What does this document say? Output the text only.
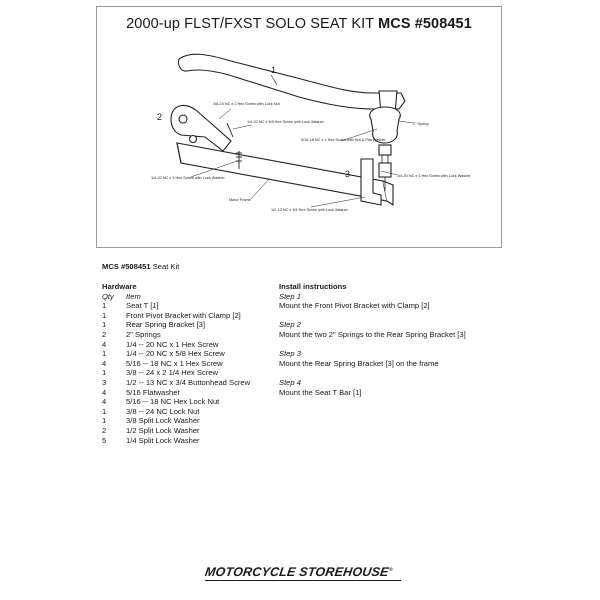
2000-up FLST/FXST SOLO SEAT KIT MCS #508451
1
2
3
3/8-24 NC x 2 Hex Screw with Lock Nut
1/4-20 NC x 5/8 Hex Screw with Lock Washer
1/4-20 NC x 1 Hex Screw with Lock Washer
5/16-18 NC x 1 Hex Screw with Nut & Flat Washer
2" Spring
3/4-20 NC x 1 Hex Screw with Lock Washer
1/2-13 NC x 3/4 Hex Screw with Lock Washer
Motor Frame
MCS #508451 Seat Kit
Hardware
Qty	Item
1	Seat T [1]
1	Front Pivot Bracket with Clamp [2]
1	Rear Spring Bracket [3]
2	2" Springs
4	1/4 -- 20 NC x 1 Hex Screw
1	1/4 -- 20 NC x 5/8 Hex Screw
4	5/16 -- 18 NC x 1 Hex Screw
1	3/8 -- 24 x 2 1/4 Hex Screw
3	1/2 -- 13 NC x 3/4 Buttonhead Screw
4	5/16 Flatwasher
4	5/16 -- 18 NC Hex Lock Nut
1	3/8 -- 24 NC Lock Nut
1	3/8 Split Lock Washer
2	1/2 Split Lock Washer
5	1/4 Split Lock Washer
Install instructions
Step 1
Mount the Front Pivot Bracket with Clamp [2]
Step 2
Mount the two 2" Springs to the Rear Spring Bracket [3]
Step 3
Mount the Rear Spring Bracket [3] on the frame
Step 4
Mount the Seat T Bar [1]
MOTORCYCLE STOREHOUSE®
